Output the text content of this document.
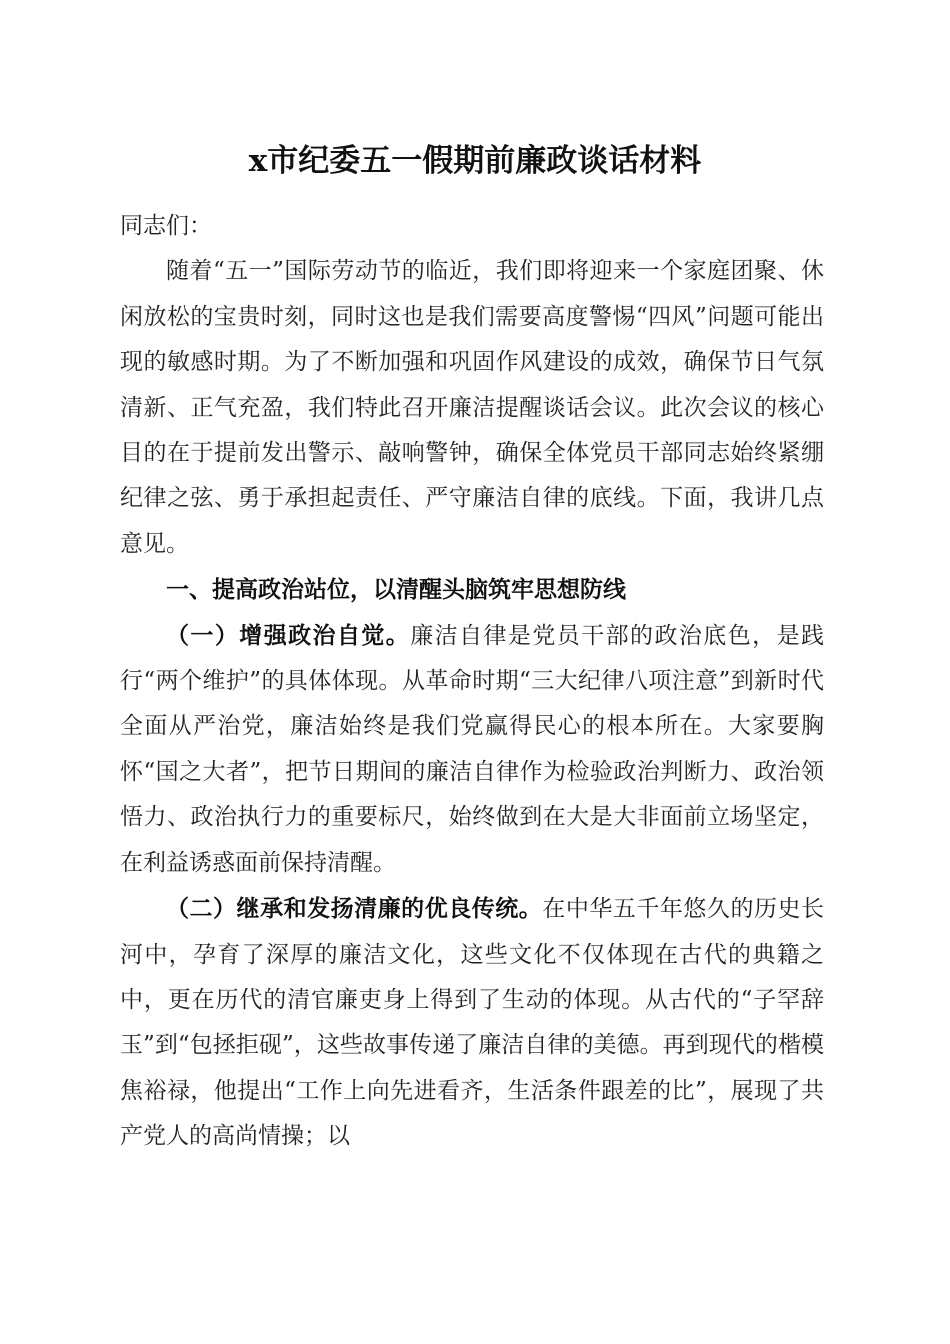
x市纪委五一假期前廉政谈话材料

同志们：

随着“五一”国际劳动节的临近，我们即将迎来一个家庭团聚、休闲放松的宝贵时刻，同时这也是我们需要高度警惕“四风”问题可能出现的敏感时期。为了不断加强和巩固作风建设的成效，确保节日气氛清新、正气充盈，我们特此召开廉洁提醒谈话会议。此次会议的核心目的在于提前发出警示、敲响警钟，确保全体党员干部同志始终紧绷纪律之弦、勇于承担起责任、严守廉洁自律的底线。下面，我讲几点意见。

一、提高政治站位，以清醒头脑筑牢思想防线

（一）增强政治自觉。廉洁自律是党员干部的政治底色，是践行“两个维护”的具体体现。从革命时期“三大纪律八项注意”到新时代全面从严治党，廉洁始终是我们党赢得民心的根本所在。大家要胸怀“国之大者”，把节日期间的廉洁自律作为检验政治判断力、政治领悟力、政治执行力的重要标尺，始终做到在大是大非面前立场坚定，在利益诱惑面前保持清醒。

（二）继承和发扬清廉的优良传统。在中华五千年悠久的历史长河中，孕育了深厚的廉洁文化，这些文化不仅体现在古代的典籍之中，更在历代的清官廉吏身上得到了生动的体现。从古代的“子罕辞玉”到“包拯拒砚”，这些故事传递了廉洁自律的美德。再到现代的楷模焦裕禄，他提出“工作上向先进看齐，生活条件跟差的比”，展现了共产党人的高尚情操；以
